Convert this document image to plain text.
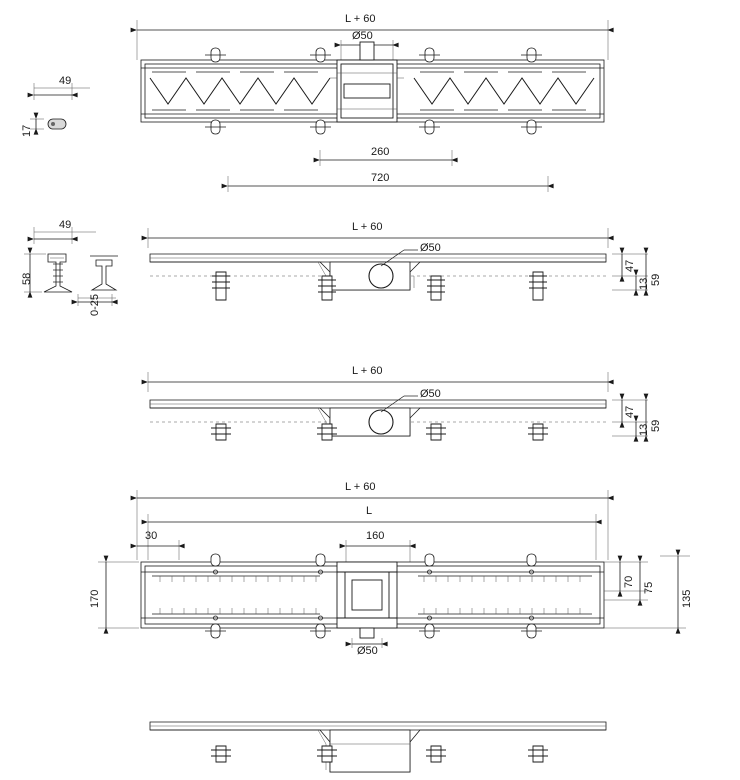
L + 60
Ø50
49
17
260
720
L + 60
49
Ø50
58
0-25
47
13 59
L + 60
Ø50
47
13 59
L + 60
L
30	160
Ø50
170
70 75
135
